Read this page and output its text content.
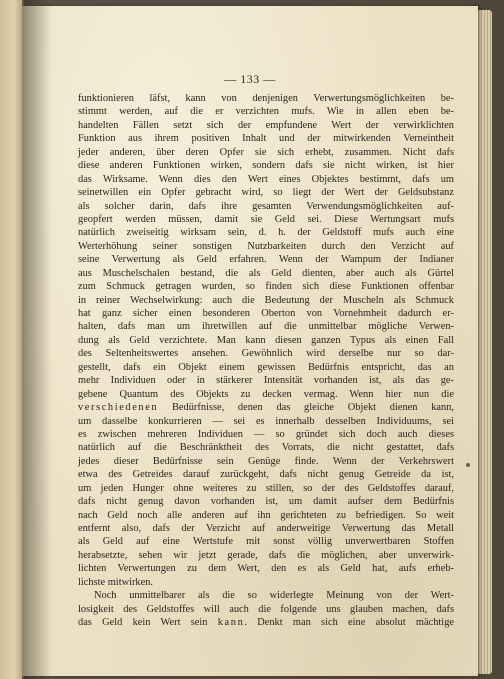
— 133 —
funktionieren läfst, kann von denjenigen Verwertungsmöglichkeiten be-
stimmt werden, auf die er verzichten mufs. Wie in allen eben be-
handelten Fällen setzt sich der empfundene Wert der verwirklichten
Funktion aus ihrem positiven Inhalt und der mitwirkenden Verneintheit
jeder anderen, über deren Opfer sie sich erhebt, zusammen. Nicht dafs
diese anderen Funktionen wirken, sondern dafs sie nicht wirken, ist hier
das Wirksame. Wenn dies den Wert eines Objektes bestimmt, dafs um
seinetwillen ein Opfer gebracht wird, so liegt der Wert der Geldsubstanz
als solcher darin, dafs ihre gesamten Verwendungsmöglichkeiten auf-
geopfert werden müssen, damit sie Geld sei. Diese Wertungsart mufs
natürlich zweiseitig wirksam sein, d. h. der Geldstoff mufs auch eine
Werterhöhung seiner sonstigen Nutzbarkeiten durch den Verzicht auf
seine Verwertung als Geld erfahren. Wenn der Wampum der Indianer
aus Muschelschalen bestand, die als Geld dienten, aber auch als Gürtel
zum Schmuck getragen wurden, so finden sich diese Funktionen offenbar
in reiner Wechselwirkung: auch die Bedeutung der Muscheln als Schmuck
hat ganz sicher einen besonderen Oberton von Vornehmheit dadurch er-
halten, dafs man um ihretwillen auf die unmittelbar mögliche Verwen-
dung als Geld verzichtete. Man kann diesen ganzen Typus als einen Fall
des Seltenheitswertes ansehen. Gewöhnlich wird derselbe nur so dar-
gestellt, dafs ein Objekt einem gewissen Bedürfnis entspricht, das an
mehr Individuen oder in stärkerer Intensität vorhanden ist, als das ge-
gebene Quantum des Objekts zu decken vermag. Wenn hier nun die
verschiedenen Bedürfnisse, denen das gleiche Objekt dienen kann,
um dasselbe konkurrieren — sei es innerhalb desselben Individuums, sei
es zwischen mehreren Individuen — so gründet sich doch auch dieses
natürlich auf die Beschränktheit des Vorrats, die nicht gestattet, dafs
jedes dieser Bedürfnisse sein Genüge finde. Wenn der Verkehrswert
etwa des Getreides darauf zurückgeht, dafs nicht genug Getreide da ist,
um jeden Hunger ohne weiteres zu stillen, so der des Geldstoffes darauf,
dafs nicht genug davon vorhanden ist, um damit aufser dem Bedürfnis
nach Geld noch alle anderen auf ihn gerichteten zu befriedigen. So weit
entfernt also, dafs der Verzicht auf anderweitige Verwertung das Metall
als Geld auf eine Wertstufe mit sonst völlig unverwertbaren Stoffen
herabsetzte, sehen wir jetzt gerade, dafs die möglichen, aber unverwirk-
lichten Verwertungen zu dem Wert, den es als Geld hat, aufs erheb-
lichste mitwirken.
Noch unmittelbarer als die so widerlegte Meinung von der Wert-
losigkeit des Geldstoffes will auch die folgende uns glauben machen, dafs
das Geld kein Wert sein kann. Denkt man sich eine absolut mächtige
